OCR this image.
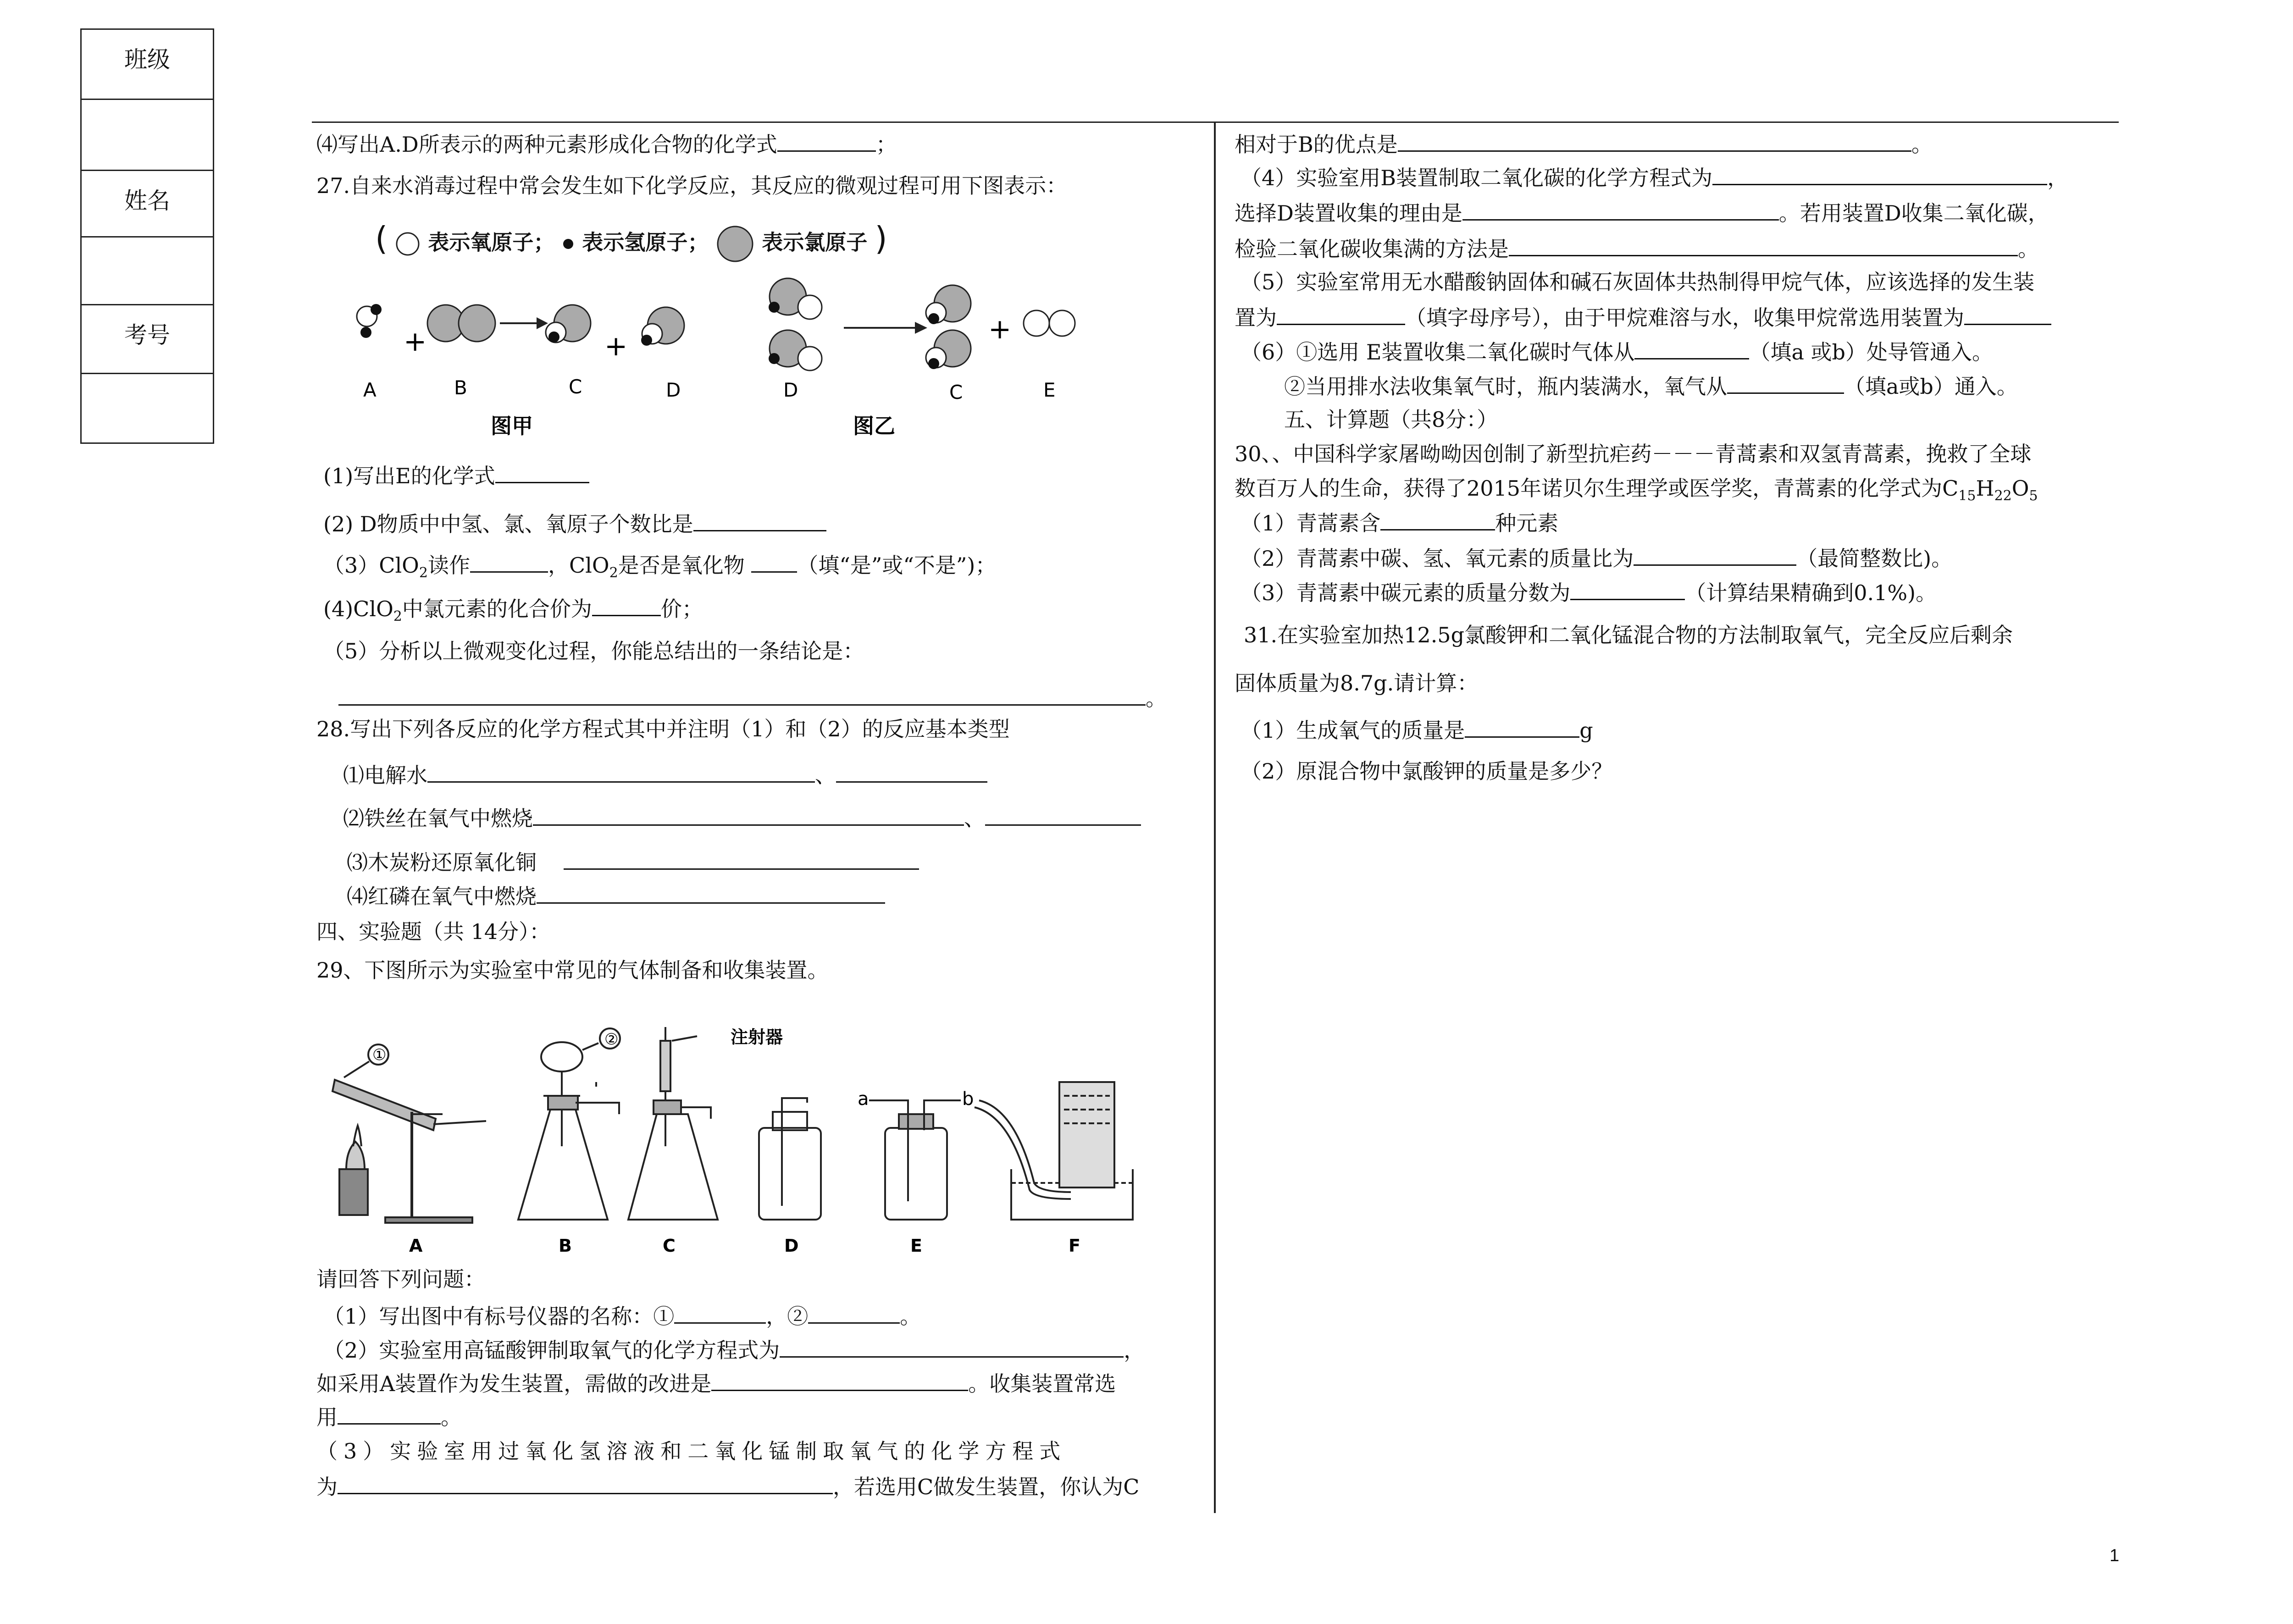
班级
姓名
考号
⑷写出A.D所表示的两种元素形成化合物的化学式	；
27.自来水消毒过程中常会发生如下化学反应，其反应的微观过程可用下图表示：
( 表示氧原子； 表示氢原子；	表示氯原子 )
+	+
+
A	B	C	D	D	C	E
图甲	图乙
(1)写出E的化学式
(2) D物质中中氢、氯、氧原子个数比是
（3）ClO$_2$读作	，ClO$_2$是否是氧化物 （填“是”或“不是”)；
(4)ClO$_2$中氯元素的化合价为	价；
（5）分析以上微观变化过程，你能总结出的一条结论是：
。
28.写出下列各反应的化学方程式其中并注明（1）和（2）的反应基本类型
⑴电解水	、
⑵铁丝在氧气中燃烧	、
⑶木炭粉还原氧化铜
⑷红磷在氧气中燃烧
四、实验题（共 14分）：
29、下图所示为实验室中常见的气体制备和收集装置。
注射器
①
②
a	b
A	B	C	D	E	F
请回答下列问题：
（1）写出图中有标号仪器的名称：①	，②	。
（2）实验室用高锰酸钾制取氧气的化学方程式为	，
如采用A装置作为发生装置，需做的改进是	。收集装置常选
用	。
（3）实验室用过氧化氢溶液和二氧化锰制取氧气的化学方程式
为	，若选用C做发生装置，你认为C
相对于B的优点是	。
（4）实验室用B装置制取二氧化碳的化学方程式为	，
选择D装置收集的理由是	。若用装置D收集二氧化碳，
检验二氧化碳收集满的方法是	。
（5）实验室常用无水醋酸钠固体和碱石灰固体共热制得甲烷气体，应该选择的发生装
置为	（填字母序号），由于甲烷难溶与水，收集甲烷常选用装置为
（6）①选用 E装置收集二氧化碳时气体从	（填a 或b）处导管通入。
②当用排水法收集氧气时，瓶内装满水，氧气从	（填a或b）通入。
五、计算题（共8分：）
30、、中国科学家屠呦呦因创制了新型抗疟药－－－青蒿素和双氢青蒿素，挽救了全球
数百万人的生命，获得了2015年诺贝尔生理学或医学奖，青蒿素的化学式为$C_{15}H_{22}O_5$
（1）青蒿素含	种元素
（2）青蒿素中碳、氢、氧元素的质量比为	（最简整数比)。
（3）青蒿素中碳元素的质量分数为	（计算结果精确到0.1%)。
31.在实验室加热12.5g氯酸钾和二氧化锰混合物的方法制取氧气，完全反应后剩余
固体质量为8.7g.请计算：
（1）生成氧气的质量是	g
（2）原混合物中氯酸钾的质量是多少？
1
